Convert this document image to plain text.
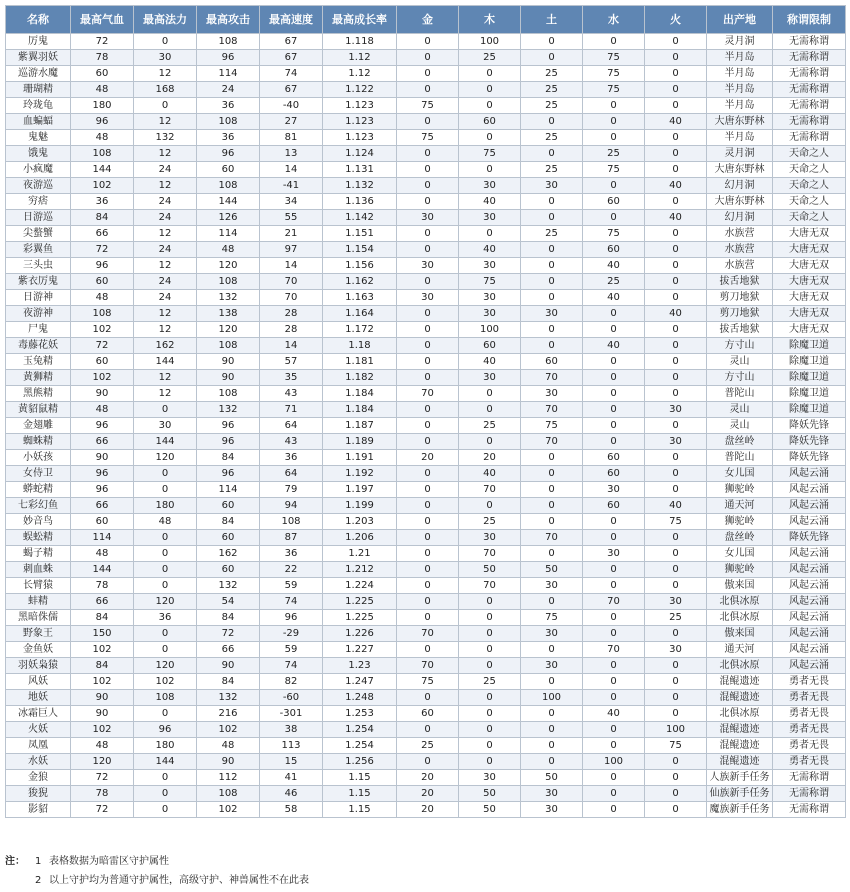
名称	最高气血	最高法力	最高攻击	最高速度	最高成长率	金	木	土	水	火	出产地	称谓限制
厉鬼	72	0	108	67	1.118	0	100	0	0	0	灵月洞	无需称谓
紫翼羽妖	78	30	96	67	1.12	0	25	0	75	0	半月岛	无需称谓
巡游水魔	60	12	114	74	1.12	0	0	25	75	0	半月岛	无需称谓
珊瑚精	48	168	24	67	1.122	0	0	25	75	0	半月岛	无需称谓
玲珑龟	180	0	36	-40	1.123	75	0	25	0	0	半月岛	无需称谓
血蝙蝠	96	12	108	27	1.123	0	60	0	0	40	大唐东野林	无需称谓
鬼魅	48	132	36	81	1.123	75	0	25	0	0	半月岛	无需称谓
饿鬼	108	12	96	13	1.124	0	75	0	25	0	灵月洞	天命之人
小疯魔	144	24	60	14	1.131	0	0	25	75	0	大唐东野林	天命之人
夜游巡	102	12	108	-41	1.132	0	30	30	0	40	幻月洞	天命之人
穷痞	36	24	144	34	1.136	0	40	0	60	0	大唐东野林	天命之人
日游巡	84	24	126	55	1.142	30	30	0	0	40	幻月洞	天命之人
尖螯蟹	66	12	114	21	1.151	0	0	25	75	0	水族营	大唐无双
彩翼鱼	72	24	48	97	1.154	0	40	0	60	0	水族营	大唐无双
三头虫	96	12	120	14	1.156	30	30	0	40	0	水族营	大唐无双
紫衣厉鬼	60	24	108	70	1.162	0	75	0	25	0	拔舌地狱	大唐无双
日游神	48	24	132	70	1.163	30	30	0	40	0	剪刀地狱	大唐无双
夜游神	108	12	138	28	1.164	0	30	30	0	40	剪刀地狱	大唐无双
尸鬼	102	12	120	28	1.172	0	100	0	0	0	拔舌地狱	大唐无双
毒藤花妖	72	162	108	14	1.18	0	60	0	40	0	方寸山	除魔卫道
玉兔精	60	144	90	57	1.181	0	40	60	0	0	灵山	除魔卫道
黄狮精	102	12	90	35	1.182	0	30	70	0	0	方寸山	除魔卫道
黑熊精	90	12	108	43	1.184	70	0	30	0	0	普陀山	除魔卫道
黄貂鼠精	48	0	132	71	1.184	0	0	70	0	30	灵山	除魔卫道
金翅雕	96	30	96	64	1.187	0	25	75	0	0	灵山	降妖先锋
蜘蛛精	66	144	96	43	1.189	0	0	70	0	30	盘丝岭	降妖先锋
小妖孩	90	120	84	36	1.191	20	20	0	60	0	普陀山	降妖先锋
女侍卫	96	0	96	64	1.192	0	40	0	60	0	女儿国	风起云涌
蟒蛇精	96	0	114	79	1.197	0	70	0	30	0	狮驼岭	风起云涌
七彩幻鱼	66	180	60	94	1.199	0	0	0	60	40	通天河	风起云涌
妙音鸟	60	48	84	108	1.203	0	25	0	0	75	狮驼岭	风起云涌
蜈蚣精	114	0	60	87	1.206	0	30	70	0	0	盘丝岭	降妖先锋
蝎子精	48	0	162	36	1.21	0	70	0	30	0	女儿国	风起云涌
刺血蛛	144	0	60	22	1.212	0	50	50	0	0	狮驼岭	风起云涌
长臂猿	78	0	132	59	1.224	0	70	30	0	0	傲来国	风起云涌
蚌精	66	120	54	74	1.225	0	0	0	70	30	北俱冰原	风起云涌
黑暗侏儒	84	36	84	96	1.225	0	0	75	0	25	北俱冰原	风起云涌
野象王	150	0	72	-29	1.226	70	0	30	0	0	傲来国	风起云涌
金鱼妖	102	0	66	59	1.227	0	0	0	70	30	通天河	风起云涌
羽妖枭猿	84	120	90	74	1.23	70	0	30	0	0	北俱冰原	风起云涌
风妖	102	102	84	82	1.247	75	25	0	0	0	混鲲遗迹	勇者无畏
地妖	90	108	132	-60	1.248	0	0	100	0	0	混鲲遗迹	勇者无畏
冰霜巨人	90	0	216	-301	1.253	60	0	0	40	0	北俱冰原	勇者无畏
火妖	102	96	102	38	1.254	0	0	0	0	100	混鲲遗迹	勇者无畏
凤凰	48	180	48	113	1.254	25	0	0	0	75	混鲲遗迹	勇者无畏
水妖	120	144	90	15	1.256	0	0	0	100	0	混鲲遗迹	勇者无畏
金狼	72	0	112	41	1.15	20	30	50	0	0	人族新手任务	无需称谓
狻猊	78	0	108	46	1.15	20	50	30	0	0	仙族新手任务	无需称谓
影貂	72	0	102	58	1.15	20	50	30	0	0	魔族新手任务	无需称谓
注： 1 表格数据为暗雷区守护属性
2 以上守护均为普通守护属性，高级守护、神兽属性不在此表
